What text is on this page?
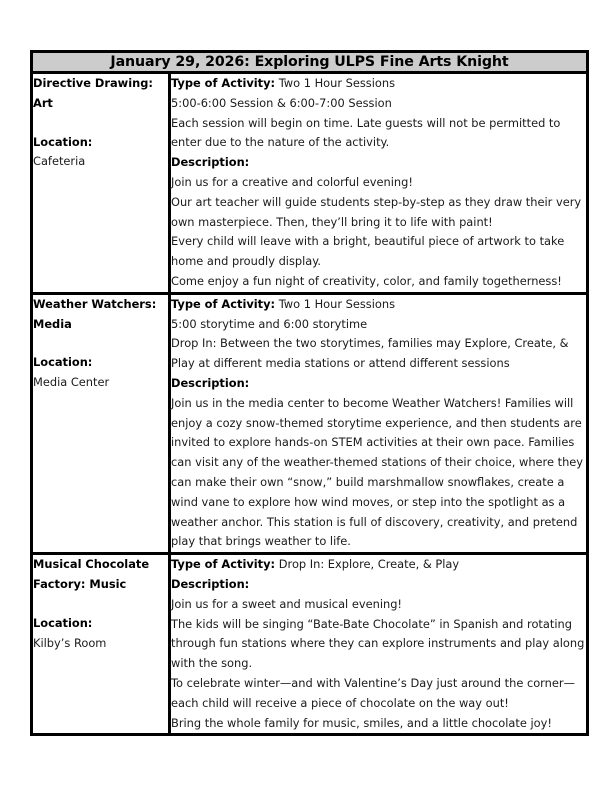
January 29, 2026: Exploring ULPS Fine Arts Knight	

Directive Drawing: Art
Location:
Cafeteria

Type of Activity: Two 1 Hour Sessions
5:00-6:00 Session & 6:00-7:00 Session
Each session will begin on time. Late guests will not be permitted to enter due to the nature of the activity.
Description:
Join us for a creative and colorful evening!
Our art teacher will guide students step-by-step as they draw their very own masterpiece. Then, they’ll bring it to life with paint!
Every child will leave with a bright, beautiful piece of artwork to take home and proudly display.
Come enjoy a fun night of creativity, color, and family togetherness!

Weather Watchers: Media
Location:
Media Center

Type of Activity: Two 1 Hour Sessions
5:00 storytime and 6:00 storytime
Drop In: Between the two storytimes, families may Explore, Create, & Play at different media stations or attend different sessions
Description:
Join us in the media center to become Weather Watchers! Families will enjoy a cozy snow-themed storytime experience, and then students are invited to explore hands-on STEM activities at their own pace. Families can visit any of the weather-themed stations of their choice, where they can make their own “snow,” build marshmallow snowflakes, create a wind vane to explore how wind moves, or step into the spotlight as a weather anchor. This station is full of discovery, creativity, and pretend play that brings weather to life.

Musical Chocolate Factory: Music
Location:
Kilby’s Room

Type of Activity: Drop In: Explore, Create, & Play
Description:
Join us for a sweet and musical evening!
The kids will be singing “Bate-Bate Chocolate” in Spanish and rotating through fun stations where they can explore instruments and play along with the song.
To celebrate winter—and with Valentine’s Day just around the corner—each child will receive a piece of chocolate on the way out!
Bring the whole family for music, smiles, and a little chocolate joy!
